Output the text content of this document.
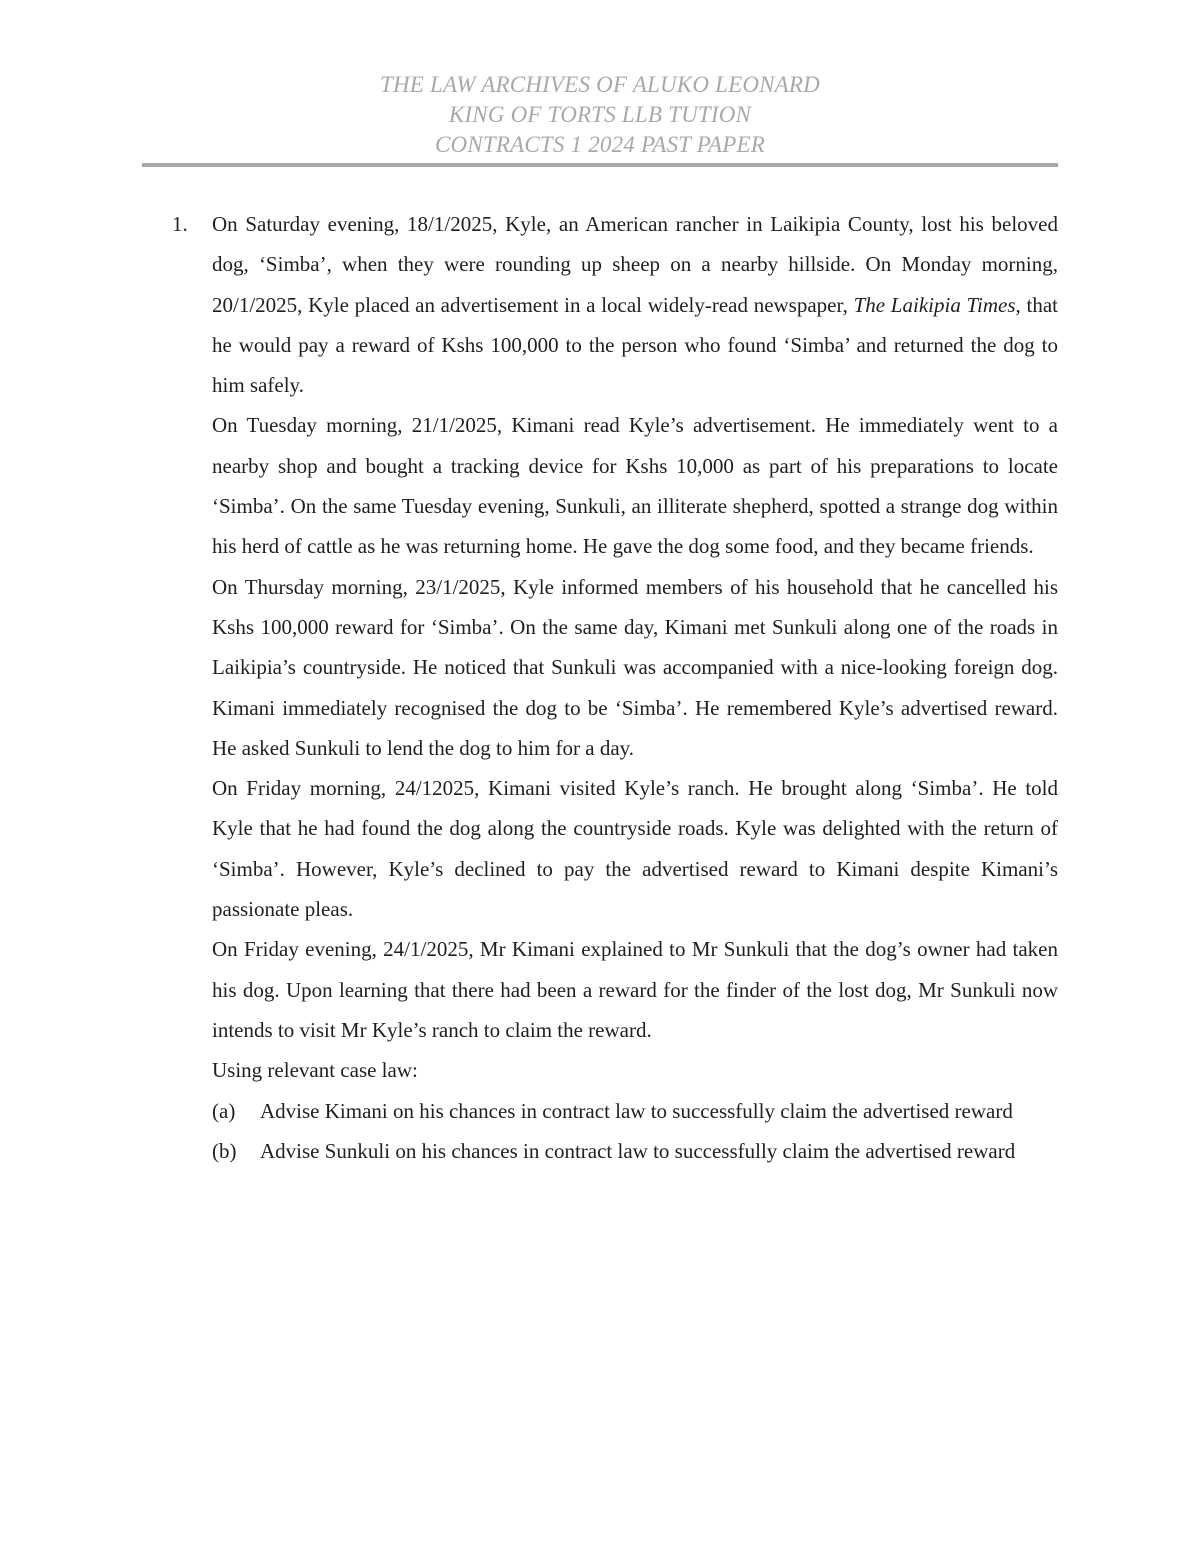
THE LAW ARCHIVES OF ALUKO LEONARD
KING OF TORTS LLB TUTION
CONTRACTS 1 2024 PAST PAPER
1. On Saturday evening, 18/1/2025, Kyle, an American rancher in Laikipia County, lost his beloved dog, ‘Simba’, when they were rounding up sheep on a nearby hillside. On Monday morning, 20/1/2025, Kyle placed an advertisement in a local widely-read newspaper, The Laikipia Times, that he would pay a reward of Kshs 100,000 to the person who found ‘Simba’ and returned the dog to him safely.

On Tuesday morning, 21/1/2025, Kimani read Kyle’s advertisement. He immediately went to a nearby shop and bought a tracking device for Kshs 10,000 as part of his preparations to locate ‘Simba’. On the same Tuesday evening, Sunkuli, an illiterate shepherd, spotted a strange dog within his herd of cattle as he was returning home. He gave the dog some food, and they became friends.

On Thursday morning, 23/1/2025, Kyle informed members of his household that he cancelled his Kshs 100,000 reward for ‘Simba’. On the same day, Kimani met Sunkuli along one of the roads in Laikipia’s countryside. He noticed that Sunkuli was accompanied with a nice-looking foreign dog. Kimani immediately recognised the dog to be ‘Simba’. He remembered Kyle’s advertised reward. He asked Sunkuli to lend the dog to him for a day.

On Friday morning, 24/12025, Kimani visited Kyle’s ranch. He brought along ‘Simba’. He told Kyle that he had found the dog along the countryside roads. Kyle was delighted with the return of ‘Simba’. However, Kyle’s declined to pay the advertised reward to Kimani despite Kimani’s passionate pleas.

On Friday evening, 24/1/2025, Mr Kimani explained to Mr Sunkuli that the dog’s owner had taken his dog. Upon learning that there had been a reward for the finder of the lost dog, Mr Sunkuli now intends to visit Mr Kyle’s ranch to claim the reward.

Using relevant case law:

(a) Advise Kimani on his chances in contract law to successfully claim the advertised reward

(b) Advise Sunkuli on his chances in contract law to successfully claim the advertised reward
